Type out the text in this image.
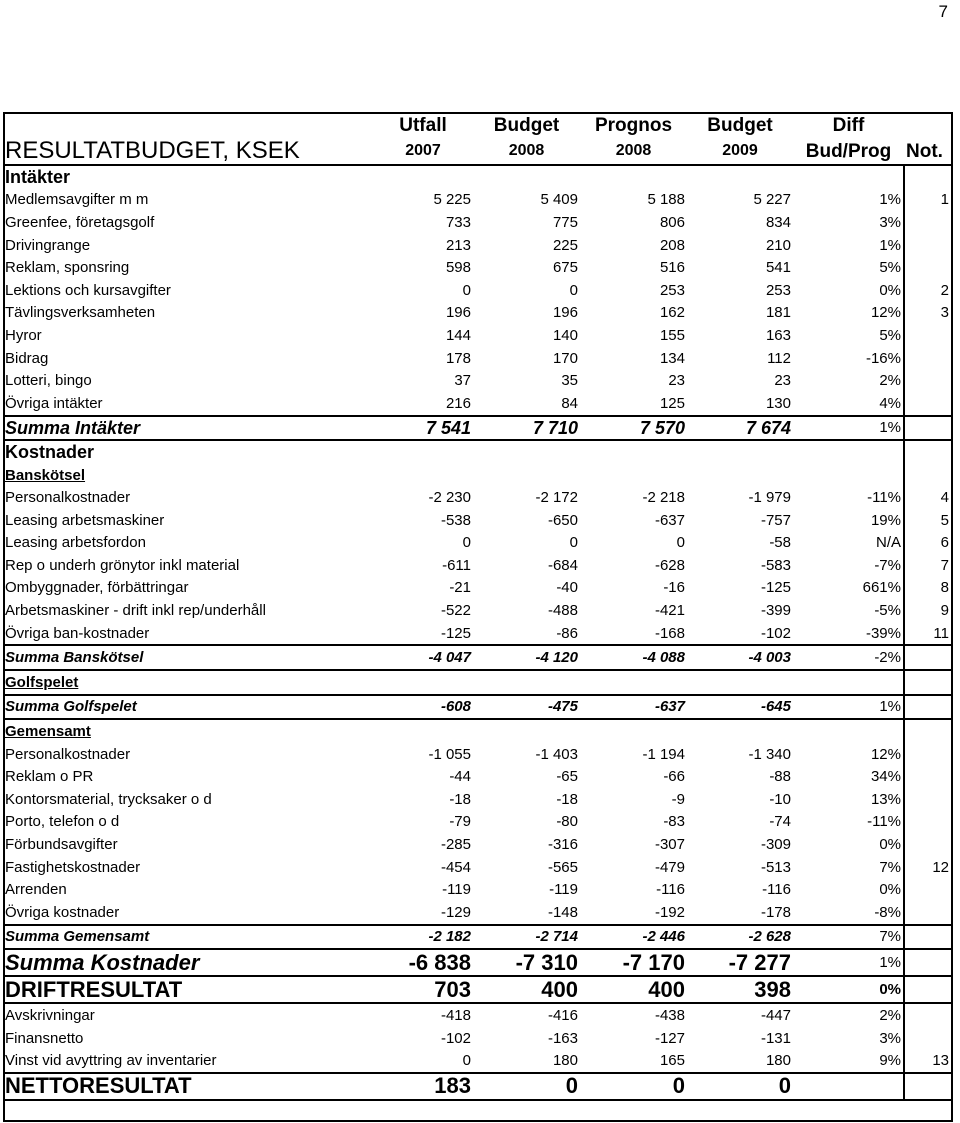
7
	Utfall	Budget	Prognos	Budget	Diff	
RESULTATBUDGET, KSEK	2007	2008	2008	2009	Bud/Prog	Not.
Intäkter						
Medlemsavgifter m m	5 225	5 409	5 188	5 227	1%	1
Greenfee, företagsgolf	733	775	806	834	3%	
Drivingrange	213	225	208	210	1%	
Reklam, sponsring	598	675	516	541	5%	
Lektions och kursavgifter	0	0	253	253	0%	2
Tävlingsverksamheten	196	196	162	181	12%	3
Hyror	144	140	155	163	5%	
Bidrag	178	170	134	112	-16%	
Lotteri, bingo	37	35	23	23	2%	
Övriga intäkter	216	84	125	130	4%	
Summa Intäkter	7 541	7 710	7 570	7 674	1%	
Kostnader						
Banskötsel						
Personalkostnader	-2 230	-2 172	-2 218	-1 979	-11%	4
Leasing arbetsmaskiner	-538	-650	-637	-757	19%	5
Leasing arbetsfordon	0	0	0	-58	N/A	6
Rep o underh grönytor inkl material	-611	-684	-628	-583	-7%	7
Ombyggnader, förbättringar	-21	-40	-16	-125	661%	8
Arbetsmaskiner - drift inkl rep/underhåll	-522	-488	-421	-399	-5%	9
Övriga ban-kostnader	-125	-86	-168	-102	-39%	11
Summa Banskötsel	-4 047	-4 120	-4 088	-4 003	-2%	
Golfspelet						
Summa Golfspelet	-608	-475	-637	-645	1%	
Gemensamt						
Personalkostnader	-1 055	-1 403	-1 194	-1 340	12%	
Reklam o PR	-44	-65	-66	-88	34%	
Kontorsmaterial, trycksaker o d	-18	-18	-9	-10	13%	
Porto, telefon o d	-79	-80	-83	-74	-11%	
Förbundsavgifter	-285	-316	-307	-309	0%	
Fastighetskostnader	-454	-565	-479	-513	7%	12
Arrenden	-119	-119	-116	-116	0%	
Övriga kostnader	-129	-148	-192	-178	-8%	
Summa Gemensamt	-2 182	-2 714	-2 446	-2 628	7%	
Summa Kostnader	-6 838	-7 310	-7 170	-7 277	1%	
DRIFTRESULTAT	703	400	400	398	0%	
Avskrivningar	-418	-416	-438	-447	2%	
Finansnetto	-102	-163	-127	-131	3%	
Vinst vid avyttring av inventarier	0	180	165	180	9%	13
NETTORESULTAT	183	0	0	0		
